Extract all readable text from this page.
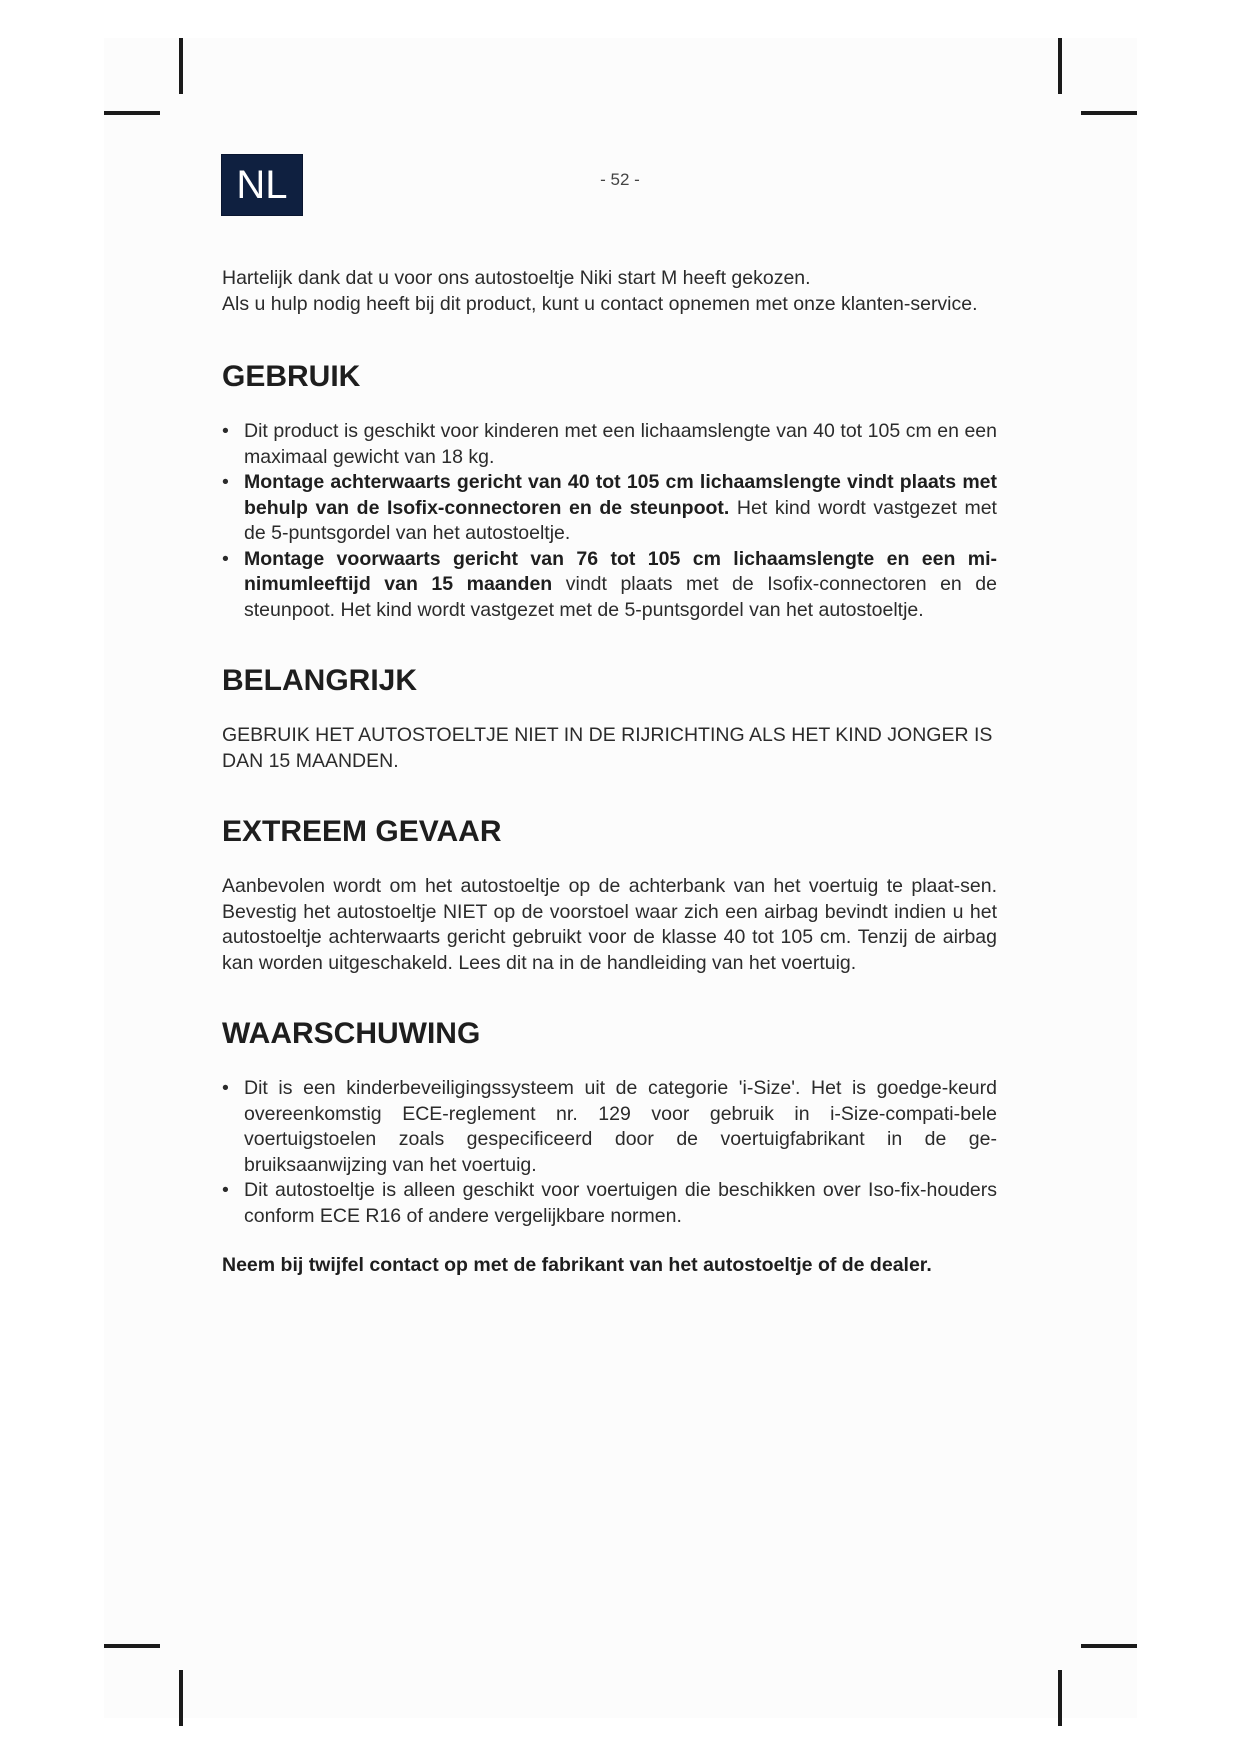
NL	- 52 -

Hartelijk dank dat u voor ons autostoeltje Niki start M heeft gekozen.

Als u hulp nodig heeft bij dit product, kunt u contact opnemen met onze klanten-service.

GEBRUIK
• Dit product is geschikt voor kinderen met een lichaamslengte van 40 tot 105 cm en een maximaal gewicht van 18 kg.
• Montage achterwaarts gericht van 40 tot 105 cm lichaamslengte vindt plaats met behulp van de Isofix-connectoren en de steunpoot. Het kind wordt vastgezet met de 5-puntsgordel van het autostoeltje.
• Montage voorwaarts gericht van 76 tot 105 cm lichaamslengte en een mi-nimumleeftijd van 15 maanden vindt plaats met de Isofix-connectoren en de steunpoot. Het kind wordt vastgezet met de 5-puntsgordel van het autostoeltje.
BELANGRIJK

GEBRUIK HET AUTOSTOELTJE NIET IN DE RIJRICHTING ALS HET KIND JONGER IS DAN 15 MAANDEN.

EXTREEM GEVAAR

Aanbevolen wordt om het autostoeltje op de achterbank van het voertuig te plaat-sen. Bevestig het autostoeltje NIET op de voorstoel waar zich een airbag bevindt indien u het autostoeltje achterwaarts gericht gebruikt voor de klasse 40 tot 105 cm. Tenzij de airbag kan worden uitgeschakeld. Lees dit na in de handleiding van het voertuig.

WAARSCHUWING
• Dit is een kinderbeveiligingssysteem uit de categorie 'i-Size'. Het is goedge-keurd overeenkomstig ECE-reglement nr. 129 voor gebruik in i-Size-compati-bele voertuigstoelen zoals gespecificeerd door de voertuigfabrikant in de ge-bruiksaanwijzing van het voertuig.
• Dit autostoeltje is alleen geschikt voor voertuigen die beschikken over Iso-fix-houders conform ECE R16 of andere vergelijkbare normen.

Neem bij twijfel contact op met de fabrikant van het autostoeltje of de dealer.
